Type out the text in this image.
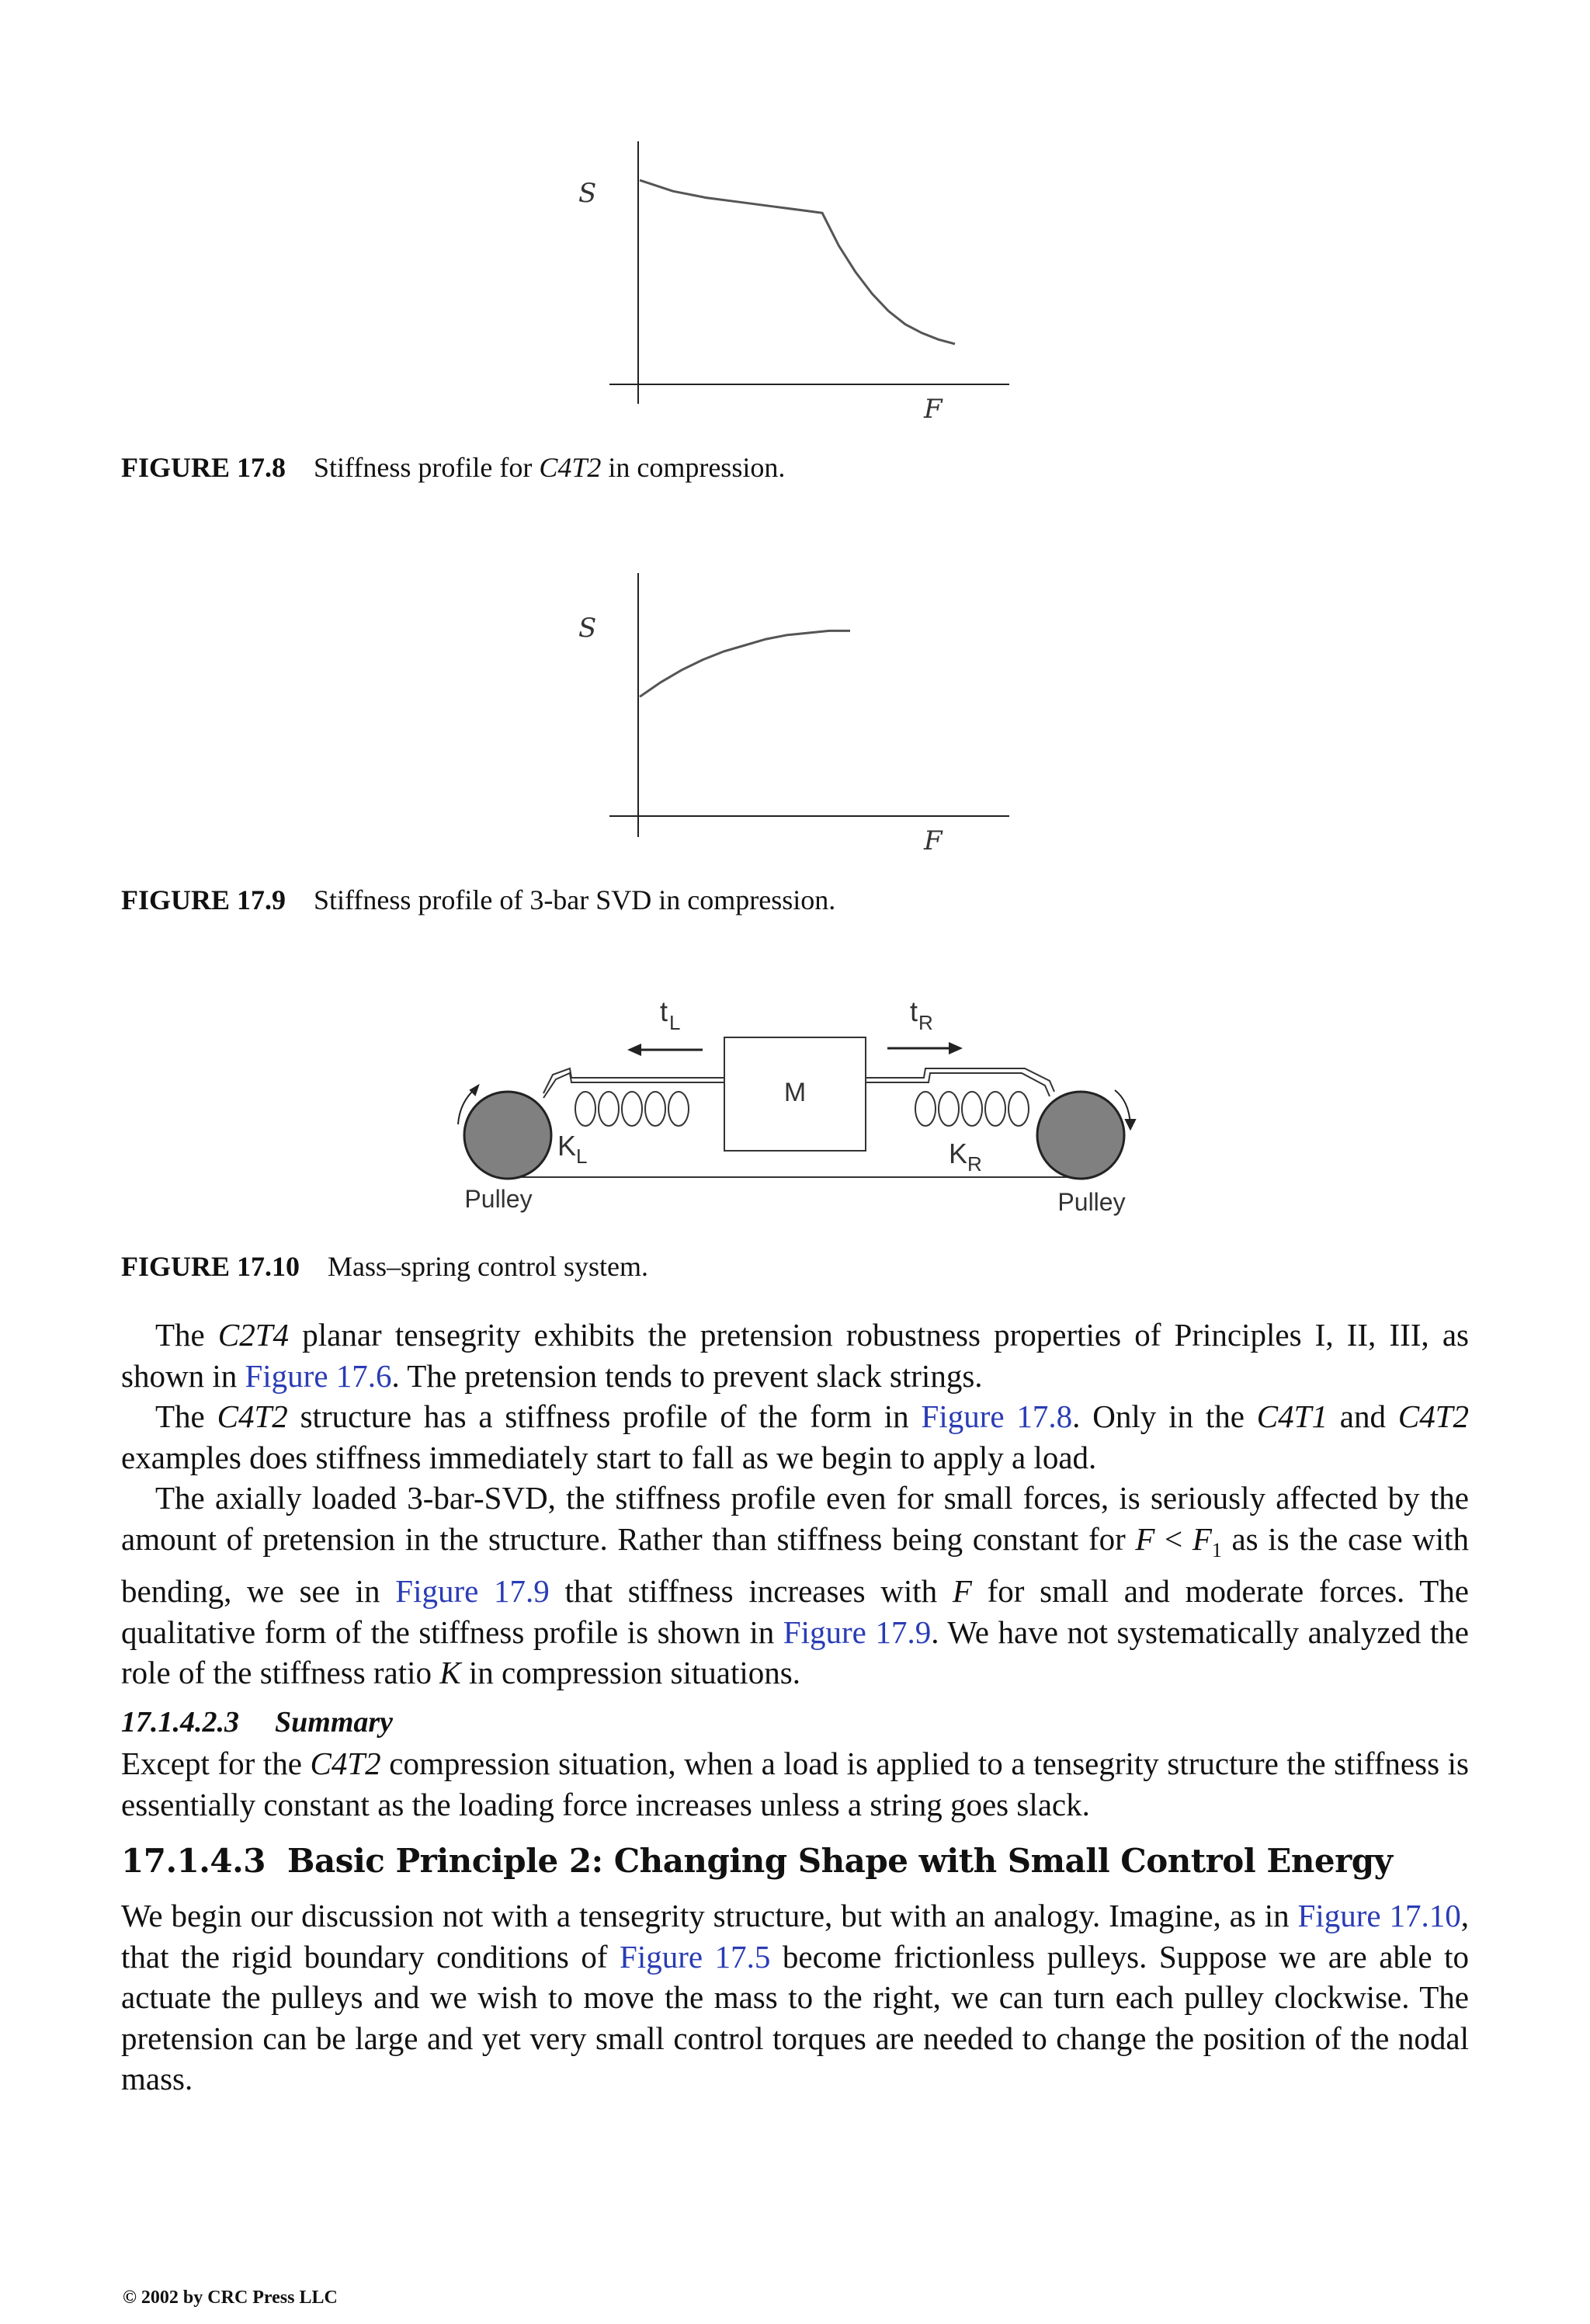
S
F
FIGURE 17.8 Stiffness profile for C4T2 in compression.
S
F
FIGURE 17.9 Stiffness profile of 3-bar SVD in compression.
M
t L	t R
K L	K R
Pulley	Pulley
FIGURE 17.10 Mass–spring control system.

The C2T4 planar tensegrity exhibits the pretension robustness properties of Principles I, II, III, as shown in Figure 17.6. The pretension tends to prevent slack strings.

The C4T2 structure has a stiffness profile of the form in Figure 17.8. Only in the C4T1 and C4T2 examples does stiffness immediately start to fall as we begin to apply a load.

The axially loaded 3-bar-SVD, the stiffness profile even for small forces, is seriously affected by the amount of pretension in the structure. Rather than stiffness being constant for $F < F_1$ as is the case with bending, we see in Figure 17.9 that stiffness increases with F for small and moderate forces. The qualitative form of the stiffness profile is shown in Figure 17.9. We have not systematically analyzed the role of the stiffness ratio K in compression situations.

17.1.4.2.3 Summary

Except for the C4T2 compression situation, when a load is applied to a tensegrity structure the stiffness is essentially constant as the loading force increases unless a string goes slack.

17.1.4.3 Basic Principle 2: Changing Shape with Small Control Energy

We begin our discussion not with a tensegrity structure, but with an analogy. Imagine, as in Figure 17.10, that the rigid boundary conditions of Figure 17.5 become frictionless pulleys. Suppose we are able to actuate the pulleys and we wish to move the mass to the right, we can turn each pulley clockwise. The pretension can be large and yet very small control torques are needed to change the position of the nodal mass.

© 2002 by CRC Press LLC
